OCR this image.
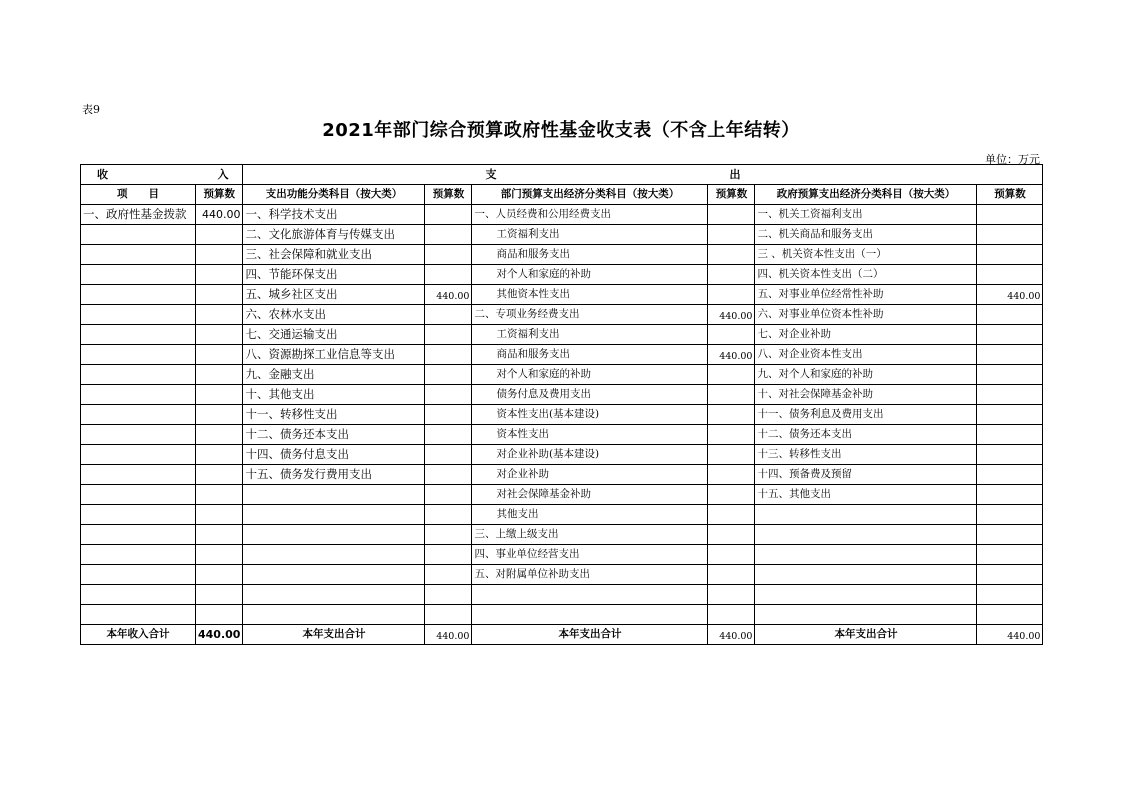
表9
2021年部门综合预算政府性基金收支表（不含上年结转）
单位：万元
收 入		支 出					

项　　目	预算数	支出功能分类科目（按大类）	预算数	部门预算支出经济分类科目（按大类）	预算数	政府预算支出经济分类科目（按大类）	预算数
一、政府性基金拨款	440.00	一、科学技术支出		一、人员经费和公用经费支出		一、机关工资福利支出	
		二、文化旅游体育与传媒支出		工资福利支出		二、机关商品和服务支出	
		三、社会保障和就业支出		商品和服务支出		三 、机关资本性支出（一）	
		四、节能环保支出		对个人和家庭的补助		四、机关资本性支出（二）	
		五、城乡社区支出	440.00	其他资本性支出		五、对事业单位经常性补助	440.00
		六、农林水支出		二、专项业务经费支出	440.00	六、对事业单位资本性补助	
		七、交通运输支出		工资福利支出		七、对企业补助	
		八、资源勘探工业信息等支出		商品和服务支出	440.00	八、对企业资本性支出	
		九、金融支出		对个人和家庭的补助		九、对个人和家庭的补助	
		十、其他支出		债务付息及费用支出		十、对社会保障基金补助	
		十一、转移性支出		资本性支出(基本建设)		十一、债务利息及费用支出	
		十二、债务还本支出		资本性支出		十二、债务还本支出	
		十四、债务付息支出		对企业补助(基本建设)		十三、转移性支出	
		十五、债务发行费用支出		对企业补助		十四、预备费及预留	
				对社会保障基金补助		十五、其他支出	
				其他支出			
				三、上缴上级支出			
				四、事业单位经营支出			
				五、对附属单位补助支出			

本年收入合计	440.00	本年支出合计	440.00	本年支出合计	440.00	本年支出合计	440.00
